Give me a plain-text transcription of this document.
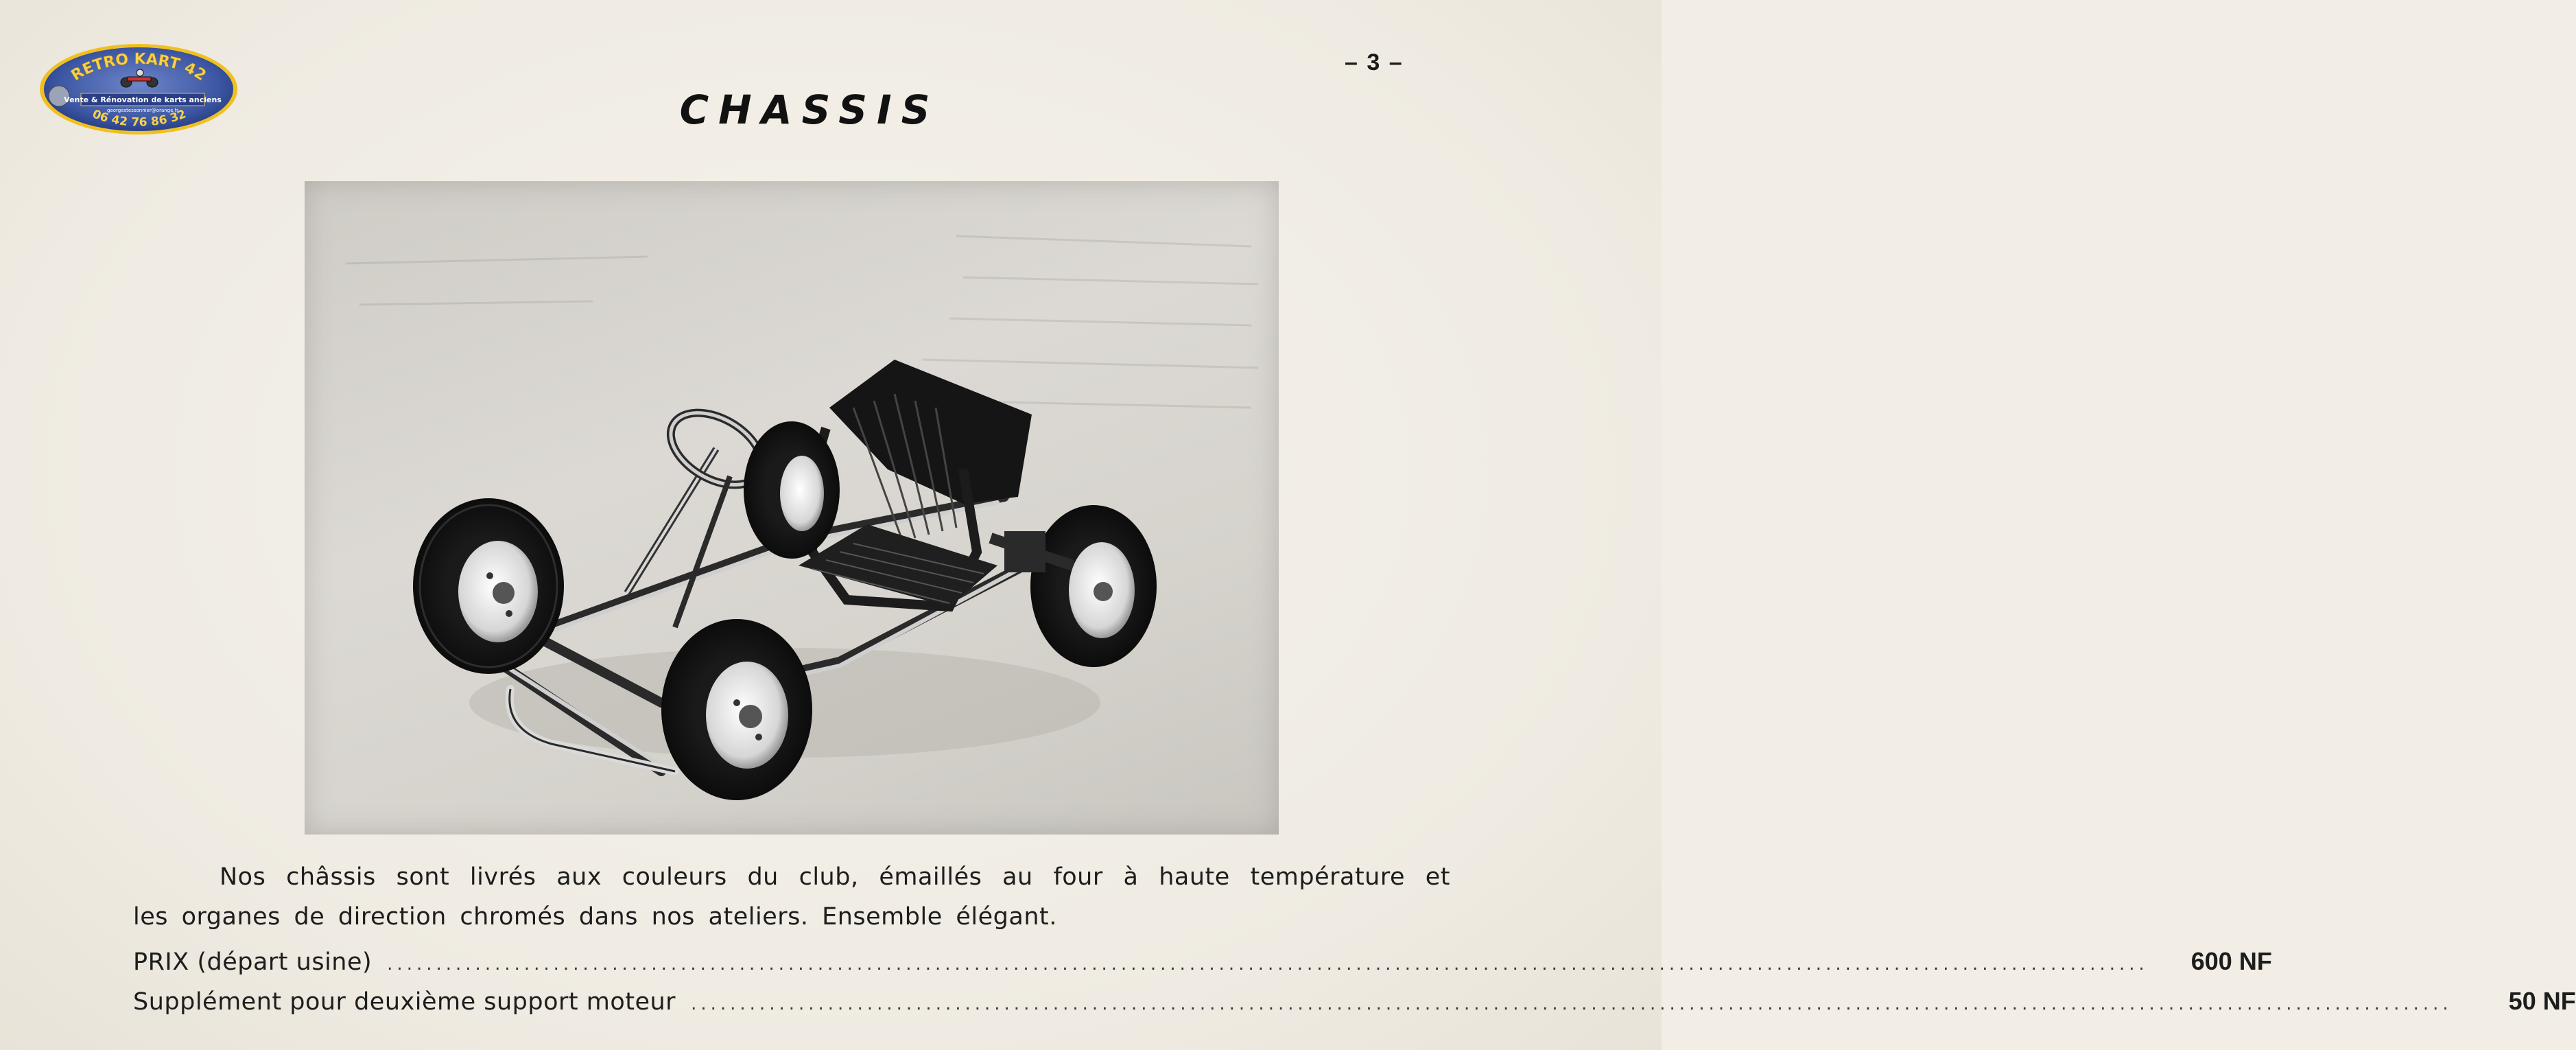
RETRO KART 42
Vente & Rénovation de karts anciens
georgestessonnier@orange.fr
06 42 76 86 32
– 3 –
CHASSIS
Nos châssis sont livrés aux couleurs du club, émaillés au four à haute température et
les organes de direction chromés dans nos ateliers. Ensemble élégant.
PRIX (départ usine) ....................................................................................................................................................................................	600 NF
Supplément pour deuxième support moteur ....................................................................................................................................................................................	50 NF
